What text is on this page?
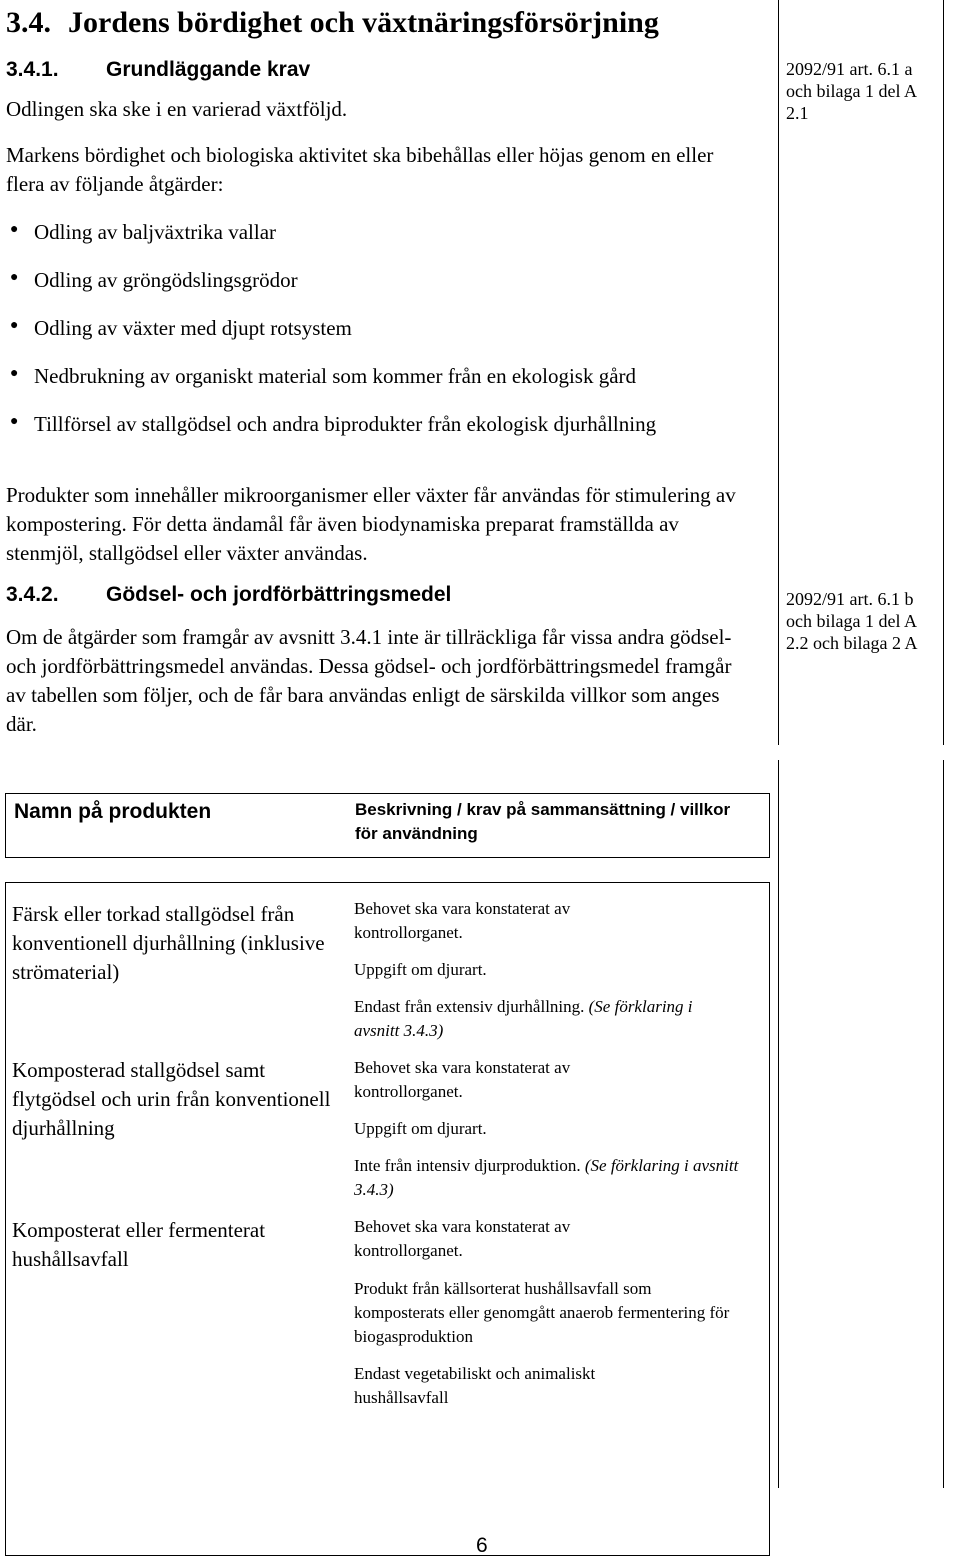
3.4. Jordens bördighet och växtnäringsförsörjning
3.4.1. Grundläggande krav
Odlingen ska ske i en varierad växtföljd.
Markens bördighet och biologiska aktivitet ska bibehållas eller höjas genom en eller flera av följande åtgärder:
● Odling av baljväxtrika vallar
● Odling av gröngödslingsgrödor
● Odling av växter med djupt rotsystem
● Nedbrukning av organiskt material som kommer från en ekologisk gård
● Tillförsel av stallgödsel och andra biprodukter från ekologisk djurhållning
Produkter som innehåller mikroorganismer eller växter får användas för stimulering av kompostering. För detta ändamål får även biodynamiska preparat framställda av stenmjöl, stallgödsel eller växter användas.
3.4.2. Gödsel- och jordförbättringsmedel
Om de åtgärder som framgår av avsnitt 3.4.1 inte är tillräckliga får vissa andra gödsel- och jordförbättringsmedel användas. Dessa gödsel- och jordförbättringsmedel framgår av tabellen som följer, och de får bara användas enligt de särskilda villkor som anges där.
2092/91 art. 6.1 a och bilaga 1 del A 2.1
2092/91 art. 6.1 b och bilaga 1 del A 2.2 och bilaga 2 A
Namn på produkten	Beskrivning / krav på sammansättning / villkor för användning
Färsk eller torkad stallgödsel från konventionell djurhållning (inklusive strömaterial)
Behovet ska vara konstaterat av kontrollorganet.
Uppgift om djurart.
Endast från extensiv djurhållning. (Se förklaring i avsnitt 3.4.3)
Komposterad stallgödsel samt flytgödsel och urin från konventionell djurhållning
Behovet ska vara konstaterat av kontrollorganet.
Uppgift om djurart.
Inte från intensiv djurproduktion. (Se förklaring i avsnitt 3.4.3)
Komposterat eller fermenterat hushållsavfall
Behovet ska vara konstaterat av kontrollorganet.
Produkt från källsorterat hushållsavfall som komposterats eller genomgått anaerob fermentering för biogasproduktion
Endast vegetabiliskt och animaliskt hushållsavfall
6
